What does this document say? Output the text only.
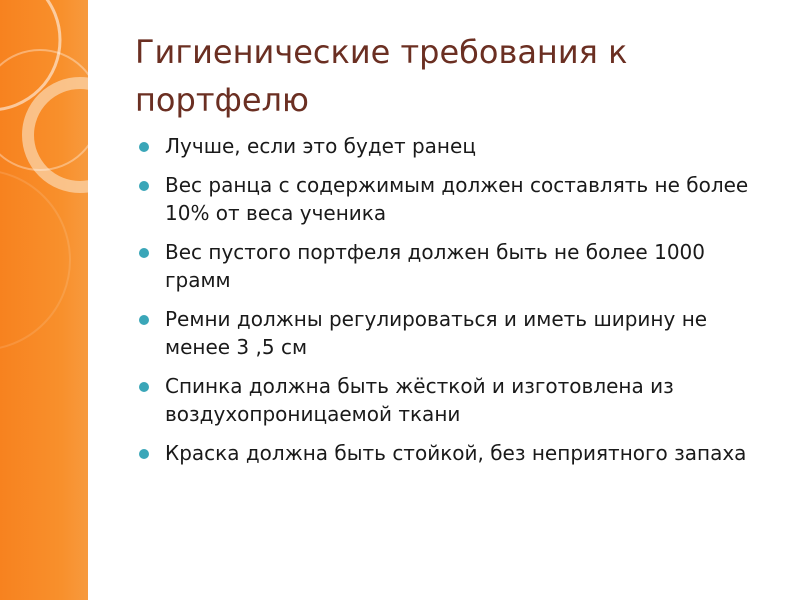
Гигиенические требования к портфелю
Лучше, если это будет ранец
Вес ранца с содержимым должен составлять не более 10% от веса ученика
Вес пустого портфеля должен быть не более 1000 грамм
Ремни должны регулироваться и иметь ширину не менее 3 ,5 см
Спинка должна быть жёсткой и изготовлена из воздухопроницаемой ткани
Краска должна быть стойкой, без неприятного запаха
